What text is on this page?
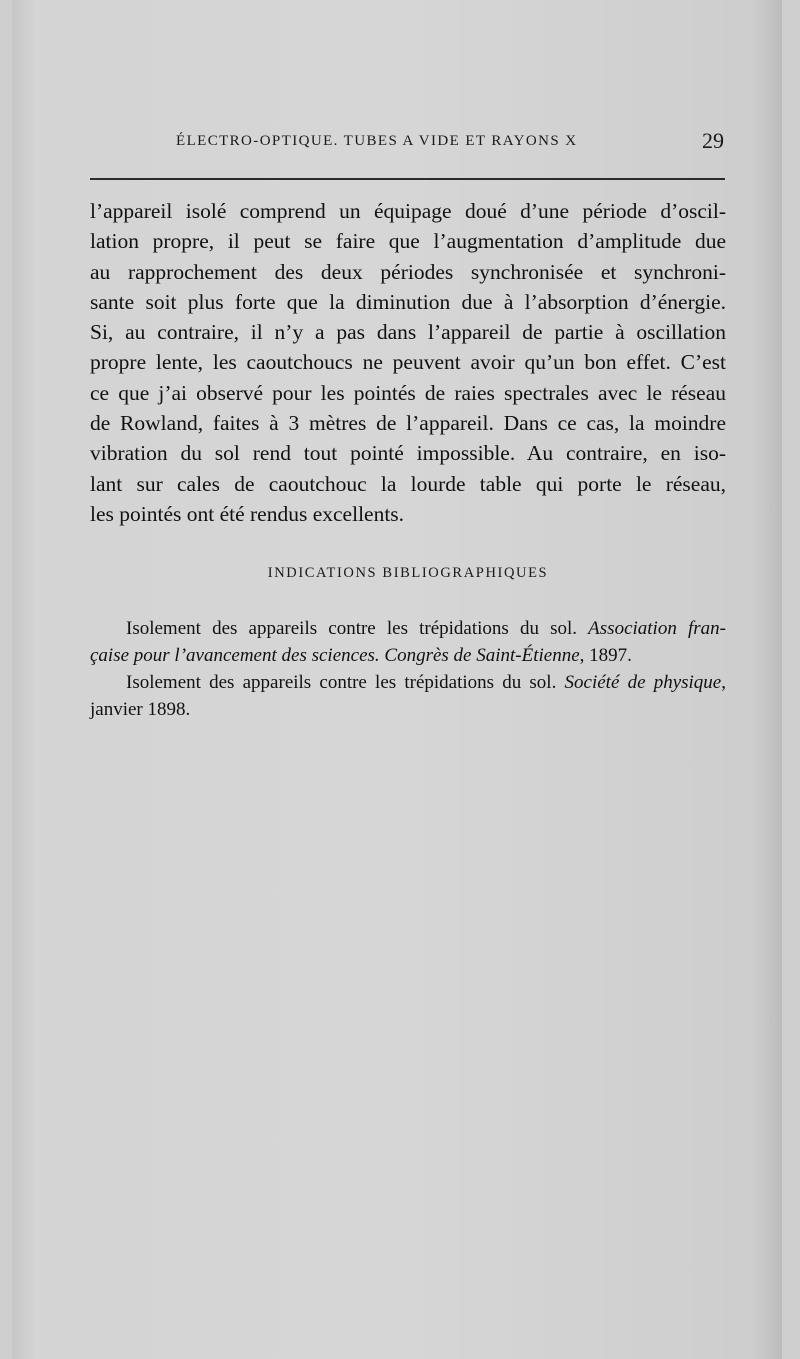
ÉLECTRO-OPTIQUE. TUBES A VIDE ET RAYONS X	29
l’appareil isolé comprend un équipage doué d’une période d’oscil-
lation propre, il peut se faire que l’augmentation d’amplitude due
au rapprochement des deux périodes synchronisée et synchroni-
sante soit plus forte que la diminution due à l’absorption d’énergie.
Si, au contraire, il n’y a pas dans l’appareil de partie à oscillation
propre lente, les caoutchoucs ne peuvent avoir qu’un bon effet. C’est
ce que j’ai observé pour les pointés de raies spectrales avec le réseau
de Rowland, faites à 3 mètres de l’appareil. Dans ce cas, la moindre
vibration du sol rend tout pointé impossible. Au contraire, en iso-
lant sur cales de caoutchouc la lourde table qui porte le réseau,
les pointés ont été rendus excellents.
INDICATIONS BIBLIOGRAPHIQUES
Isolement des appareils contre les trépidations du sol. Association fran-
çaise pour l’avancement des sciences. Congrès de Saint-Étienne, 1897.
Isolement des appareils contre les trépidations du sol. Société de physique,
janvier 1898.
